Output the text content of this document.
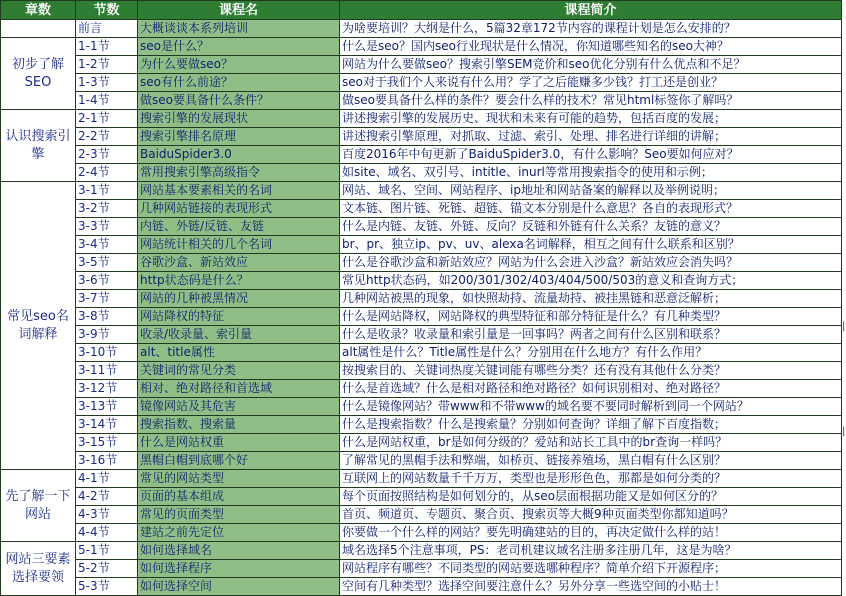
章数	节数	课程名	课程简介
	前言	大概谈谈本系列培训	为啥要培训？大纲是什么，5篇32章172节内容的课程计划是怎么安排的？
初步了解SEO	1-1节	seo是什么？	什么是seo？国内seo行业现状是什么情况，你知道哪些知名的seo大神？
	1-2节	为什么要做seo？	网站为什么要做seo？搜索引擎SEM竞价和seo优化分别有什么优点和不足？
	1-3节	seo有什么前途？	seo对于我们个人来说有什么用？学了之后能赚多少钱？打工还是创业？
	1-4节	做seo要具备什么条件？	做seo要具备什么样的条件？要会什么样的技术？常见html标签你了解吗？
认识搜索引擎	2-1节	搜索引擎的发展现状	讲述搜索引擎的发展历史、现状和未来有可能的趋势，包括百度的发展；
	2-2节	搜索引擎排名原理	讲述搜索引擎原理，对抓取、过滤、索引、处理、排名进行详细的讲解；
	2-3节	BaiduSpider3.0	百度2016年中旬更新了BaiduSpider3.0，有什么影响？Seo要如何应对？
	2-4节	常用搜索引擎高级指令	如site、域名、双引号、intitle、inurl等常用搜索指令的使用和示例；
常见seo名词解释	3-1节	网站基本要素相关的名词	网站、域名、空间、网站程序、ip地址和网站备案的解释以及举例说明；
	3-2节	几种网站链接的表现形式	文本链、图片链、死链、超链、锚文本分别是什么意思？各自的表现形式？
	3-3节	内链、外链/反链、友链	什么是内链、友链、外链、反向？反链和外链有什么关系？友链的意义？
	3-4节	网站统计相关的几个名词	br、pr、独立ip、pv、uv、alexa名词解释，相互之间有什么联系和区别？
	3-5节	谷歌沙盒、新站效应	什么是谷歌沙盒和新站效应？网站为什么会进入沙盒？新站效应会消失吗？
	3-6节	http状态码是什么？	常见http状态码，如200/301/302/403/404/500/503的意义和查询方式；
	3-7节	网站的几种被黑情况	几种网站被黑的现象，如快照劫持、流量劫持、被挂黑链和恶意泛解析；
	3-8节	网站降权的特征	什么是网站降权，网站降权的典型特征和部分特征是什么？有几种类型？
	3-9节	收录/收录量、索引量	什么是收录？收录量和索引量是一回事吗？两者之间有什么区别和联系？
	3-10节	alt、title属性	alt属性是什么？Title属性是什么？分别用在什么地方？有什么作用？
	3-11节	关键词的常见分类	按搜索目的、关键词热度关键词能有哪些分类？还有没有其他什么分类？
	3-12节	相对、绝对路径和首选域	什么是首选域？什么是相对路径和绝对路径？如何识别相对、绝对路径？
	3-13节	镜像网站及其危害	什么是镜像网站？带www和不带www的域名要不要同时解析到同一个网站？
	3-14节	搜索指数、搜索量	什么是搜索指数？什么是搜索量？分别如何查询？详细了解下百度指数；
	3-15节	什么是网站权重	什么是网站权重，br是如何分级的？爱站和站长工具中的br查询一样吗？
	3-16节	黑帽白帽到底哪个好	了解常见的黑帽手法和弊端，如桥页、链接养殖场，黑白帽有什么区别？
先了解一下网站	4-1节	常见的网站类型	互联网上的网站数量千千万万，类型也是形形色色，那都是如何分类的？
	4-2节	页面的基本组成	每个页面按照结构是如何划分的，从seo层面根据功能又是如何区分的？
	4-3节	常见的页面类型	首页、频道页、专题页、聚合页、搜索页等大概9种页面类型你都知道吗？
	4-4节	建站之前先定位	你要做一个什么样的网站？要先明确建站的目的，再决定做什么样的站！
网站三要素选择要领	5-1节	如何选择域名	域名选择5个注意事项，PS：老司机建议域名注册多注册几年，这是为啥？
	5-2节	如何选择程序	网站程序有哪些？不同类型的网站要选哪种程序？简单介绍下开源程序；
	5-3节	如何选择空间	空间有几种类型？选择空间要注意什么？另外分享一些选空间的小贴士！
|
|
